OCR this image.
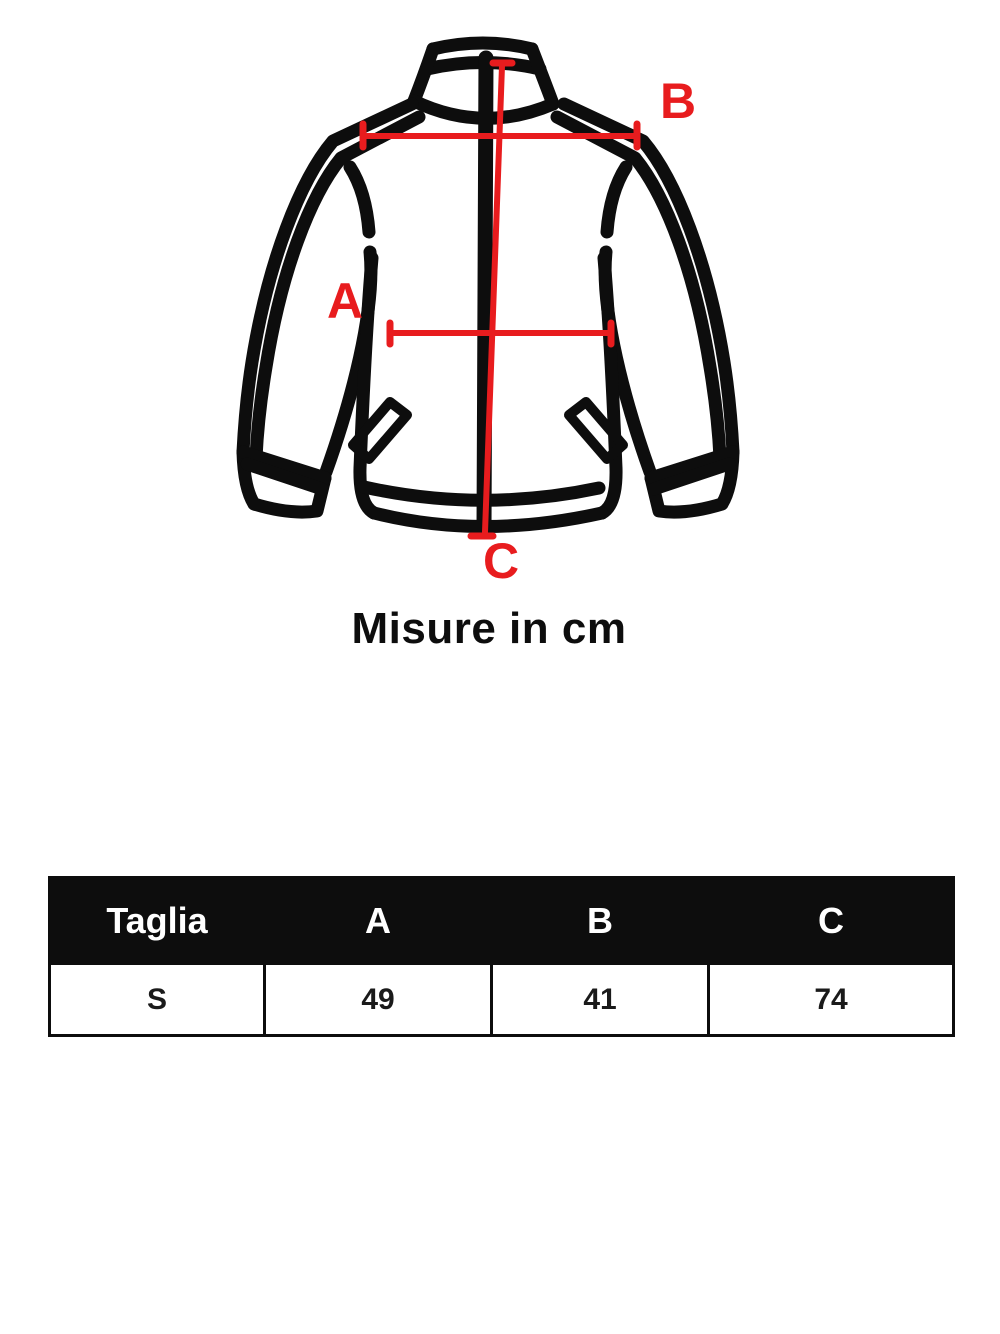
A
B
C
Misure in cm
Taglia	A	B	C
S	49	41	74
